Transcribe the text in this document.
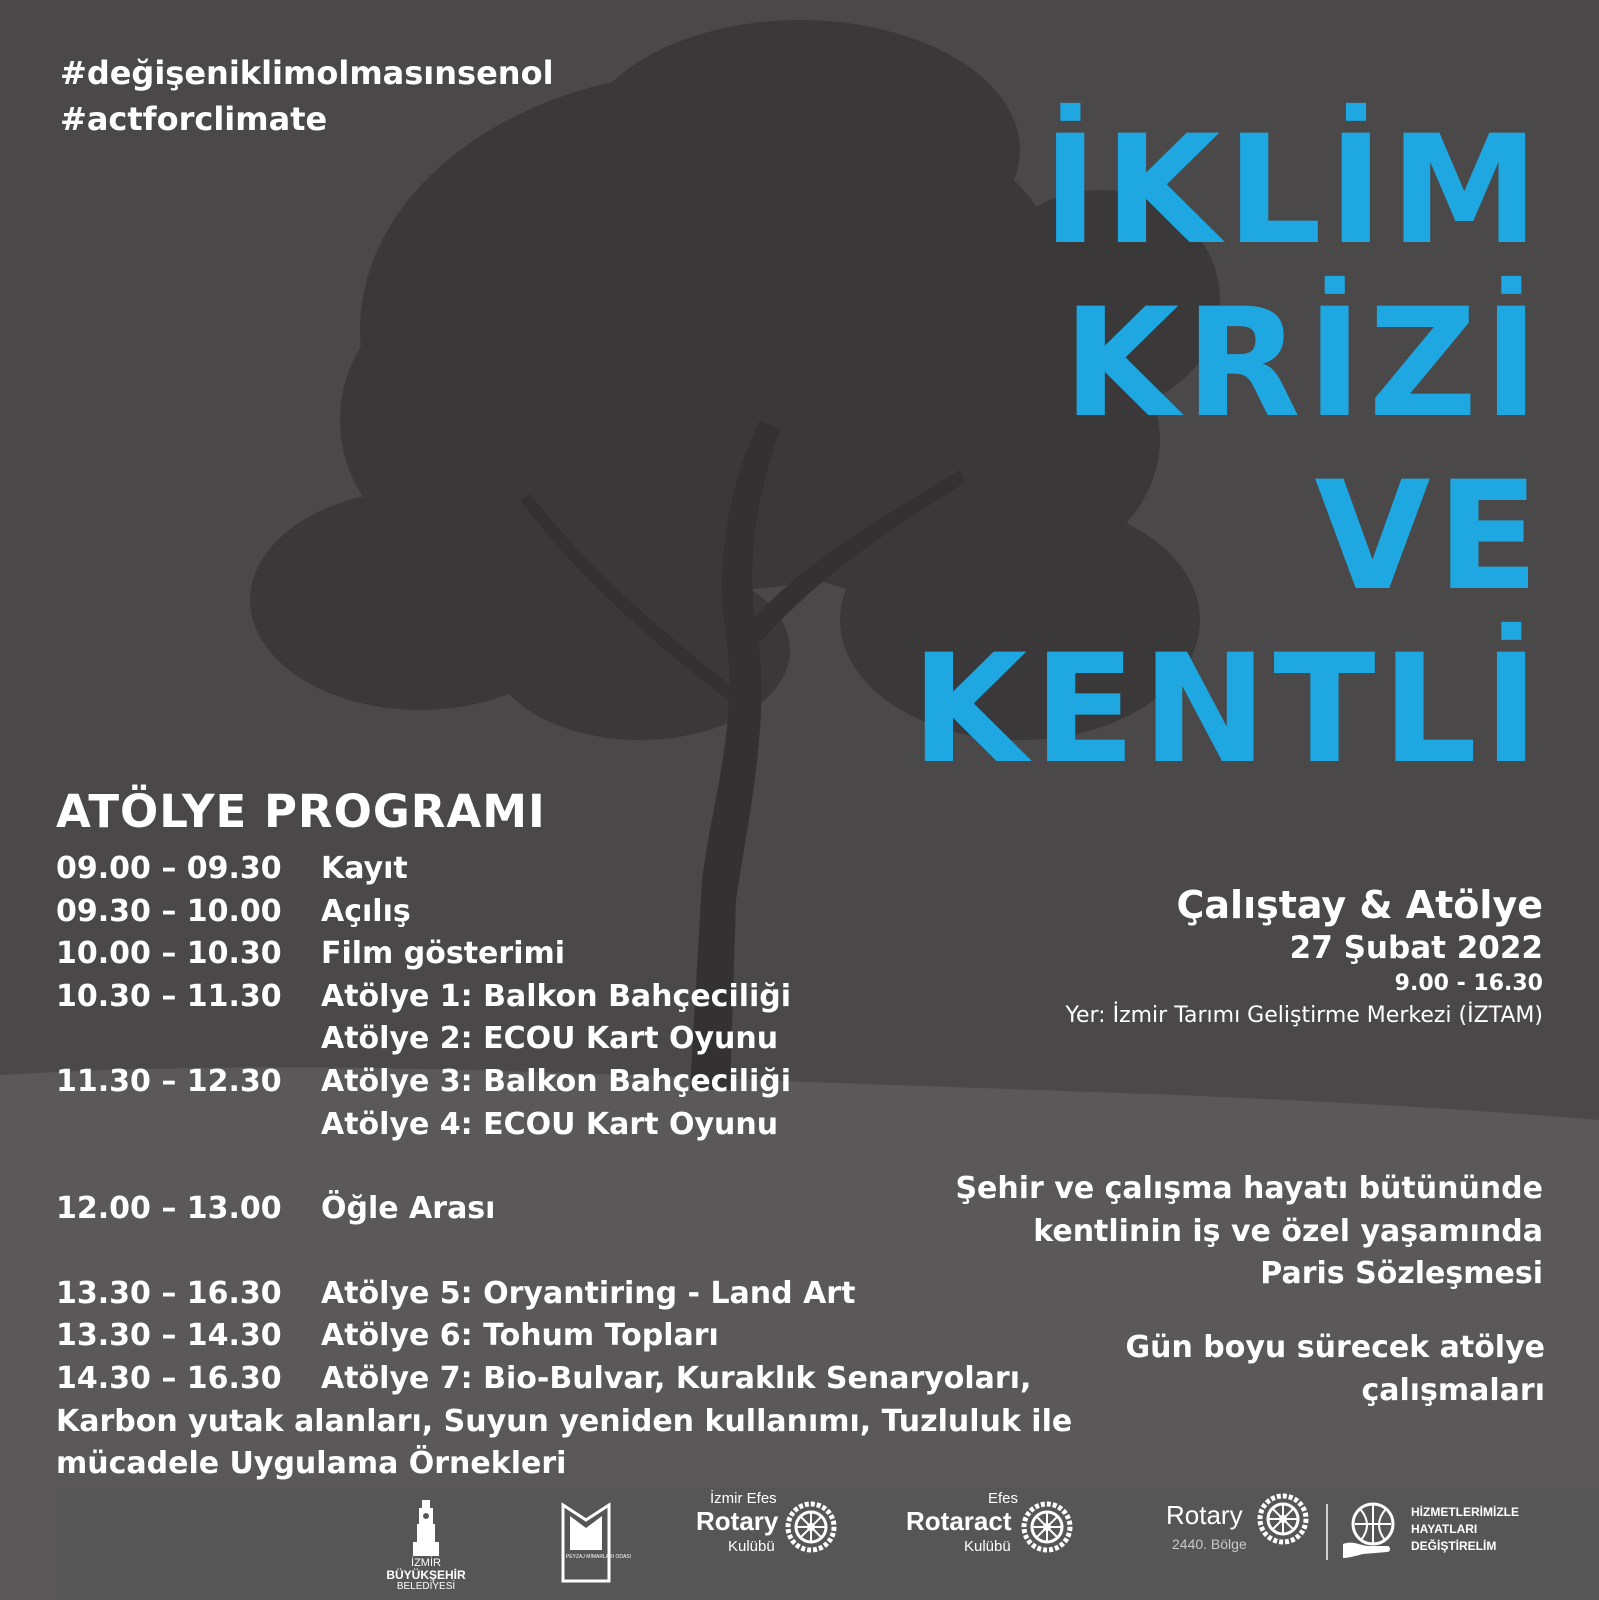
#değişeniklimolmasınsenol
#actforclimate	İKLİM
KRİZİ
VE
KENTLİ
ATÖLYE PROGRAMI
09.00 – 09.30	Kayıt
09.30 – 10.00	Açılış
10.00 – 10.30	Film gösterimi
10.30 – 11.30	Atölye 1: Balkon Bahçeciliği
Atölye 2: ECOU Kart Oyunu
11.30 – 12.30	Atölye 3: Balkon Bahçeciliği
Atölye 4: ECOU Kart Oyunu
12.00 – 13.00	Öğle Arası
13.30 – 16.30	Atölye 5: Oryantiring - Land Art
13.30 – 14.30	Atölye 6: Tohum Topları
14.30 – 16.30	Atölye 7: Bio-Bulvar, Kuraklık Senaryoları,
Karbon yutak alanları, Suyun yeniden kullanımı, Tuzluluk ile
mücadele Uygulama Örnekleri
Çalıştay & Atölye
27 Şubat 2022
9.00 - 16.30
Yer: İzmir Tarımı Geliştirme Merkezi (İZTAM)
Şehir ve çalışma hayatı bütününde
kentlinin iş ve özel yaşamında
Paris Sözleşmesi
Gün boyu sürecek atölye
çalışmaları
İZMİR
BÜYÜKŞEHİR
BELEDİYESİ
PEYZAJ MİMARLARI ODASI
İzmir Efes
Rotary
Kulübü
Efes
Rotaract
Kulübü
Rotary
2440. Bölge
HİZMETLERİMİZLE
HAYATLARI
DEĞİŞTİRELİM
